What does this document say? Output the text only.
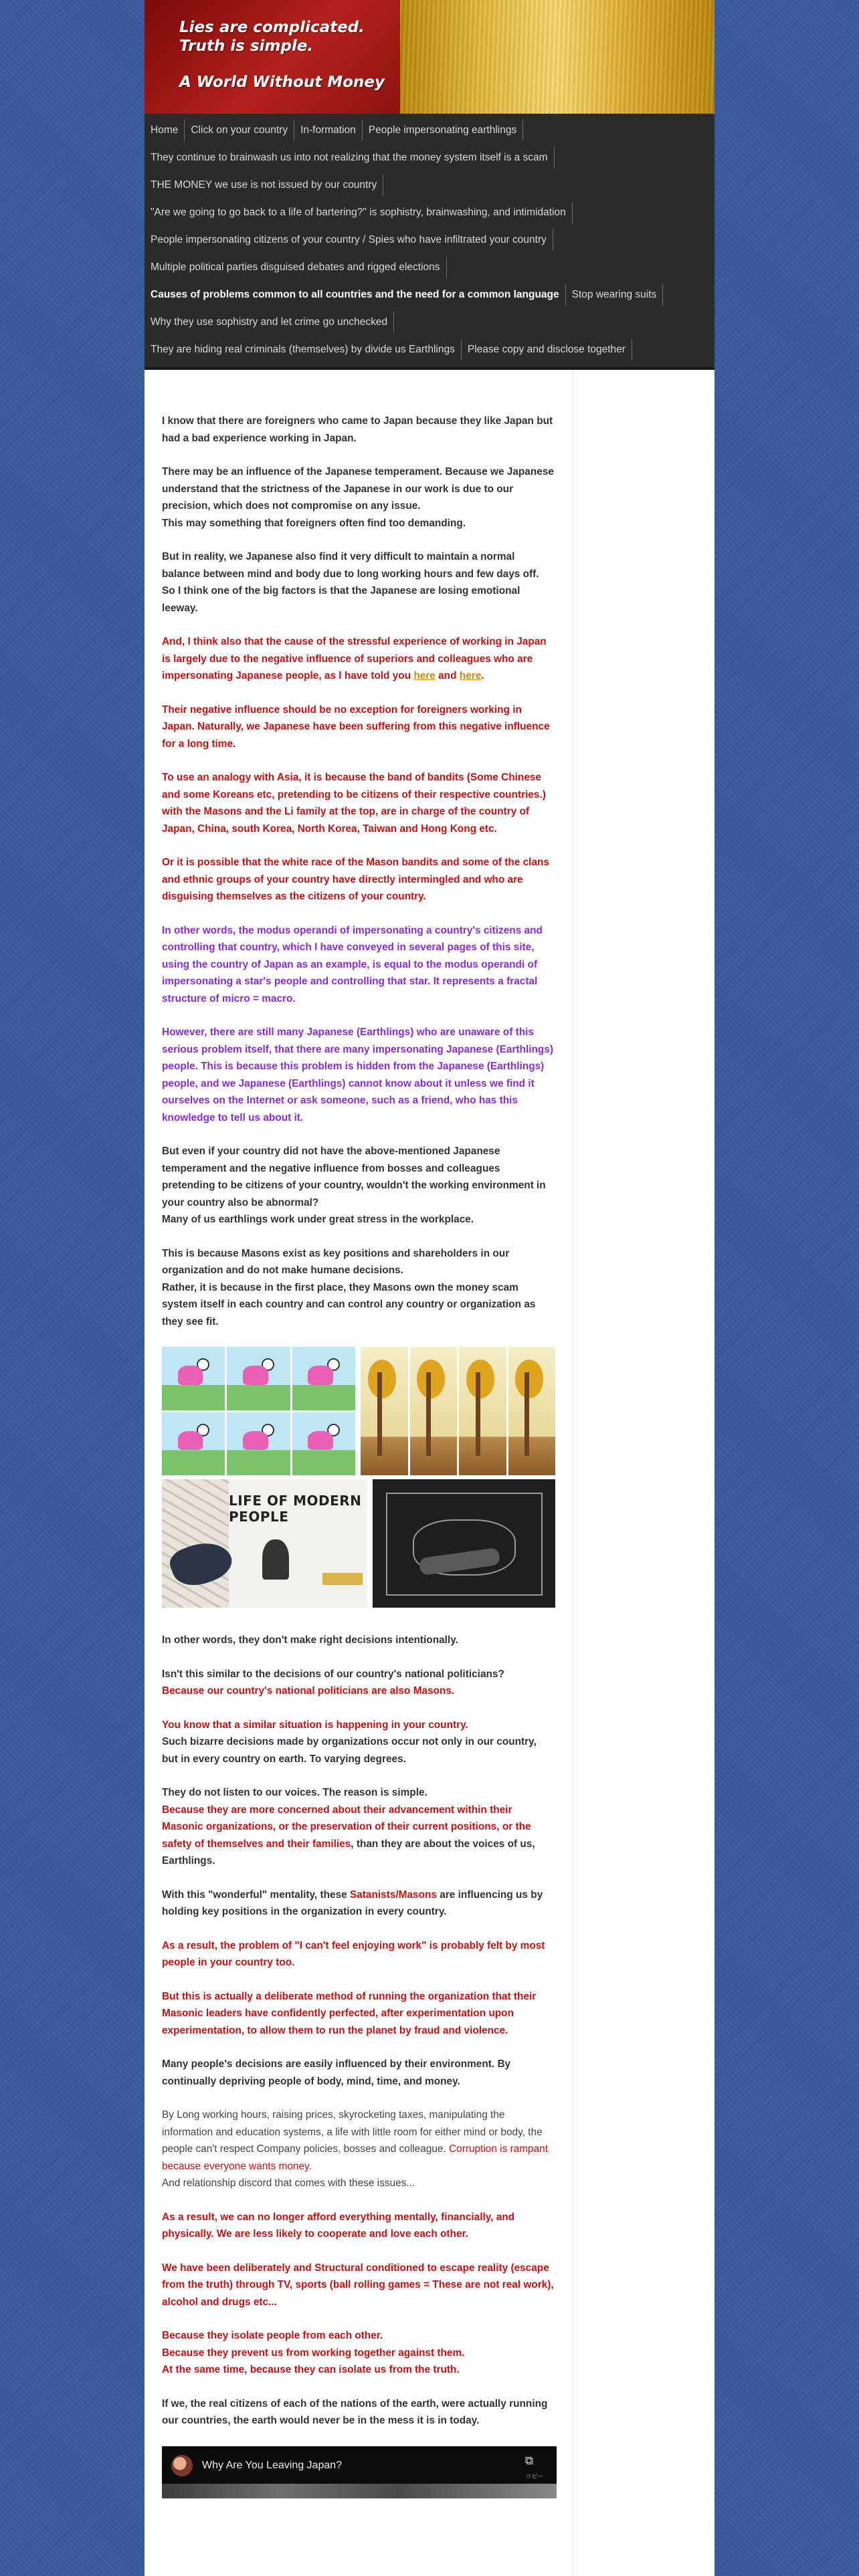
Lies are complicated.
Truth is simple.
A World Without Money
Home	Click on your country	In-formation	People impersonating earthlings
They continue to brainwash us into not realizing that the money system itself is a scam
THE MONEY we use is not issued by our country
"Are we going to go back to a life of bartering?" is sophistry, brainwashing, and intimidation
People impersonating citizens of your country / Spies who have infiltrated your country
Multiple political parties disguised debates and rigged elections
Causes of problems common to all countries and the need for a common language	Stop wearing suits
Why they use sophistry and let crime go unchecked
They are hiding real criminals (themselves) by divide us Earthlings	Please copy and disclose together

I know that there are foreigners who came to Japan because they like Japan but had a bad experience working in Japan.

There may be an influence of the Japanese temperament. Because we Japanese understand that the strictness of the Japanese in our work is due to our precision, which does not compromise on any issue.
This may something that foreigners often find too demanding.

But in reality, we Japanese also find it very difficult to maintain a normal balance between mind and body due to long working hours and few days off.
So I think one of the big factors is that the Japanese are losing emotional leeway.

And, I think also that the cause of the stressful experience of working in Japan is largely due to the negative influence of superiors and colleagues who are impersonating Japanese people, as I have told you here and here.

Their negative influence should be no exception for foreigners working in Japan. Naturally, we Japanese have been suffering from this negative influence for a long time.

To use an analogy with Asia, it is because the band of bandits (Some Chinese and some Koreans etc, pretending to be citizens of their respective countries.) with the Masons and the Li family at the top, are in charge of the country of Japan, China, south Korea, North Korea, Taiwan and Hong Kong etc.

Or it is possible that the white race of the Mason bandits and some of the clans and ethnic groups of your country have directly intermingled and who are disguising themselves as the citizens of your country.

In other words, the modus operandi of impersonating a country's citizens and controlling that country, which I have conveyed in several pages of this site, using the country of Japan as an example, is equal to the modus operandi of impersonating a star's people and controlling that star. It represents a fractal structure of micro = macro.

However, there are still many Japanese (Earthlings) who are unaware of this serious problem itself, that there are many impersonating Japanese (Earthlings) people. This is because this problem is hidden from the Japanese (Earthlings) people, and we Japanese (Earthlings) cannot know about it unless we find it ourselves on the Internet or ask someone, such as a friend, who has this knowledge to tell us about it.

But even if your country did not have the above-mentioned Japanese temperament and the negative influence from bosses and colleagues pretending to be citizens of your country, wouldn't the working environment in your country also be abnormal?
Many of us earthlings work under great stress in the workplace.

This is because Masons exist as key positions and shareholders in our organization and do not make humane decisions.
Rather, it is because in the first place, they Masons own the money scam system itself in each country and can control any country or organization as they see fit.

LIFE OF MODERN PEOPLE

In other words, they don't make right decisions intentionally.

Isn't this similar to the decisions of our country's national politicians?
Because our country's national politicians are also Masons.

You know that a similar situation is happening in your country.
Such bizarre decisions made by organizations occur not only in our country, but in every country on earth. To varying degrees.

They do not listen to our voices. The reason is simple.
Because they are more concerned about their advancement within their Masonic organizations, or the preservation of their current positions, or the safety of themselves and their families, than they are about the voices of us, Earthlings.

With this "wonderful" mentality, these Satanists/Masons are influencing us by holding key positions in the organization in every country.

As a result, the problem of "I can't feel enjoying work" is probably felt by most people in your country too.

But this is actually a deliberate method of running the organization that their Masonic leaders have confidently perfected, after experimentation upon experimentation, to allow them to run the planet by fraud and violence.

Many people's decisions are easily influenced by their environment. By continually depriving people of body, mind, time, and money.

By Long working hours, raising prices, skyrocketing taxes, manipulating the information and education systems, a life with little room for either mind or body, the people can't respect Company policies, bosses and colleague. Corruption is rampant because everyone wants money.
And relationship discord that comes with these issues...

As a result, we can no longer afford everything mentally, financially, and physically. We are less likely to cooperate and love each other.

We have been deliberately and Structural conditioned to escape reality (escape from the truth) through TV, sports (ball rolling games = These are not real work), alcohol and drugs etc...

Because they isolate people from each other.
Because they prevent us from working together against them.
At the same time, because they can isolate us from the truth.

If we, the real citizens of each of the nations of the earth, were actually running our countries, the earth would never be in the mess it is in today.

Why Are You Leaving Japan?	⧉
コピー
